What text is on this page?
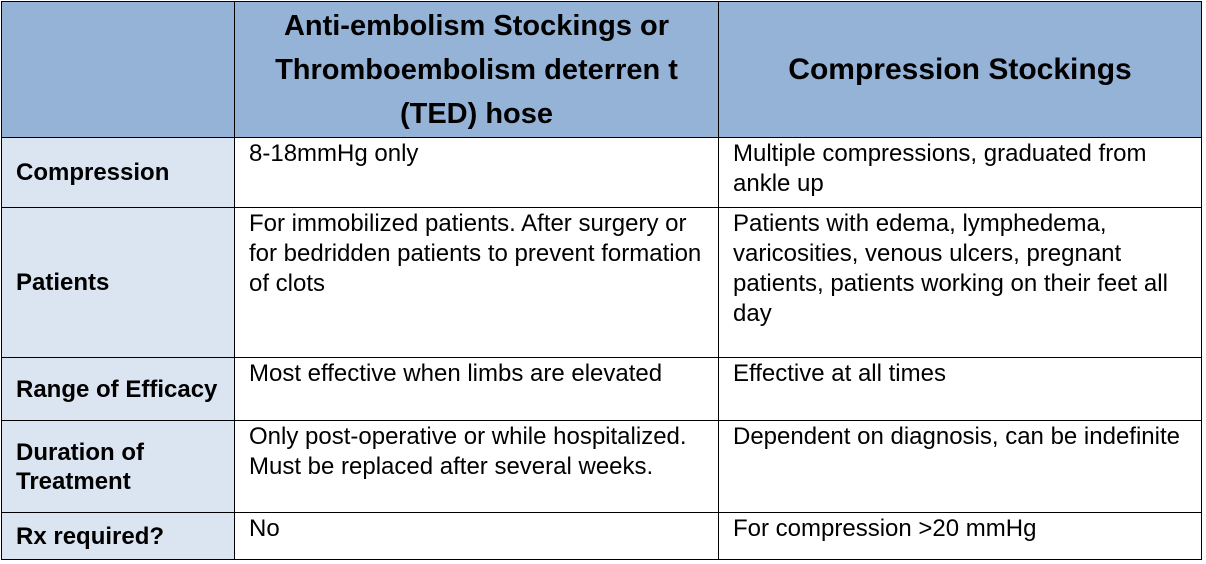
	Anti-embolism Stockings or Thromboembolism deterren t (TED) hose	Compression Stockings
Compression	8-18mmHg only	Multiple compressions, graduated from ankle up
Patients	For immobilized patients. After surgery or for bedridden patients to prevent formation of clots	Patients with edema, lymphedema, varicosities, venous ulcers, pregnant patients, patients working on their feet all day
Range of Efficacy	Most effective when limbs are elevated	Effective at all times
Duration of Treatment	Only post-operative or while hospitalized. Must be replaced after several weeks.	Dependent on diagnosis, can be indefinite
Rx required?	No	For compression >20 mmHg
